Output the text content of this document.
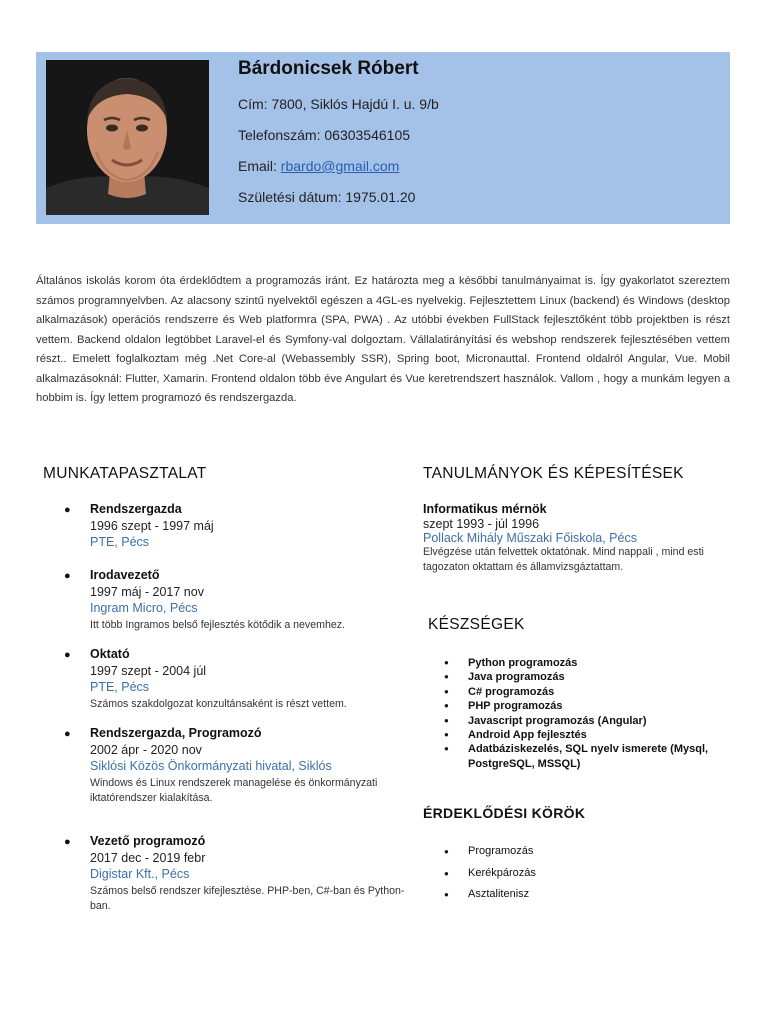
Bárdonicsek Róbert
Cím: 7800, Siklós Hajdú I. u. 9/b
Telefonszám: 06303546105
Email: rbardo@gmail.com
Születési dátum: 1975.01.20
Általános iskolás korom óta érdeklődtem a programozás iránt. Ez határozta meg a későbbi tanulmányaimat is. Így gyakorlatot szereztem számos programnyelvben. Az alacsony szintű nyelvektől egészen a 4GL-es nyelvekig. Fejlesztettem Linux (backend) és Windows (desktop alkalmazások) operációs rendszerre és Web platformra (SPA, PWA) . Az utóbbi években FullStack fejlesztőként több projektben is részt vettem. Backend oldalon legtöbbet Laravel-el és Symfony-val dolgoztam. Vállalatirányítási és webshop rendszerek fejlesztésében vettem részt.. Emelett foglalkoztam még .Net Core-al (Webassembly SSR), Spring boot, Micronauttal. Frontend oldalról Angular, Vue. Mobil alkalmazásoknál: Flutter, Xamarin. Frontend oldalon több éve Angulart és Vue keretrendszert használok. Vallom , hogy a munkám legyen a hobbim is. Így lettem programozó és rendszergazda.
MUNKATAPASZTALAT
● Rendszergazda
1996 szept - 1997 máj
PTE, Pécs
● Irodavezető
1997 máj - 2017 nov
Ingram Micro, Pécs
Itt több Ingramos belső fejlesztés kötődik a nevemhez.
● Oktató
1997 szept - 2004 júl
PTE, Pécs
Számos szakdolgozat konzultánsaként is részt vettem.
● Rendszergazda, Programozó
2002 ápr - 2020 nov
Siklósi Közös Önkormányzati hivatal, Siklós
Windows és Linux rendszerek managelése és önkormányzati iktatórendszer kialakítása.
● Vezető programozó
2017 dec - 2019 febr
Digistar Kft., Pécs
Számos belső rendszer kifejlesztése. PHP-ben, C#-ban és Python-ban.
TANULMÁNYOK ÉS KÉPESÍTÉSEK
Informatikus mérnök
szept 1993 - júl 1996
Pollack Mihály Műszaki Főiskola, Pécs
Elvégzése után felvettek oktatónak. Mind nappali , mind esti tagozaton oktattam és államvizsgáztattam.
KÉSZSÉGEK
● Python programozás
● Java programozás
● C# programozás
● PHP programozás
● Javascript programozás (Angular)
● Android App fejlesztés
● Adatbáziskezelés, SQL nyelv ismerete (Mysql, PostgreSQL, MSSQL)
ÉRDEKLŐDÉSI KÖRÖK
● Programozás
● Kerékpározás
● Asztalitenisz
